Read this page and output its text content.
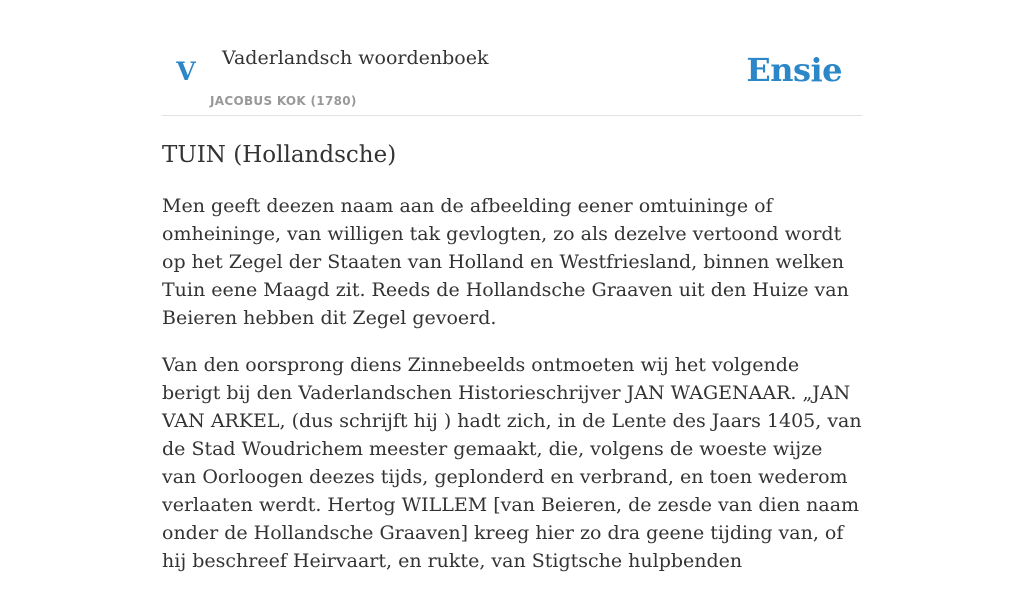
V	Vaderlandsch woordenboek
JACOBUS KOK (1780)
Ensie
TUIN (Hollandsche)

Men geeft deezen naam aan de afbeelding eener omtuininge of omheininge, van willigen tak gevlogten, zo als dezelve vertoond wordt op het Zegel der Staaten van Holland en Westfriesland, binnen welken Tuin eene Maagd zit. Reeds de Hollandsche Graaven uit den Huize van Beieren hebben dit Zegel gevoerd.

Van den oorsprong diens Zinnebeelds ontmoeten wij het volgende berigt bij den Vaderlandschen Historieschrijver JAN WAGENAAR. „JAN VAN ARKEL, (dus schrijft hij ) hadt zich, in de Lente des Jaars 1405, van de Stad Woudrichem meester gemaakt, die, volgens de woeste wijze van Oorloogen deezes tijds, geplonderd en verbrand, en toen wederom verlaaten werdt. Hertog WILLEM [van Beieren, de zesde van dien naam onder de Hollandsche Graaven] kreeg hier zo dra geene tijding van, of hij beschreef Heirvaart, en rukte, van Stigtsche hulpbenden
